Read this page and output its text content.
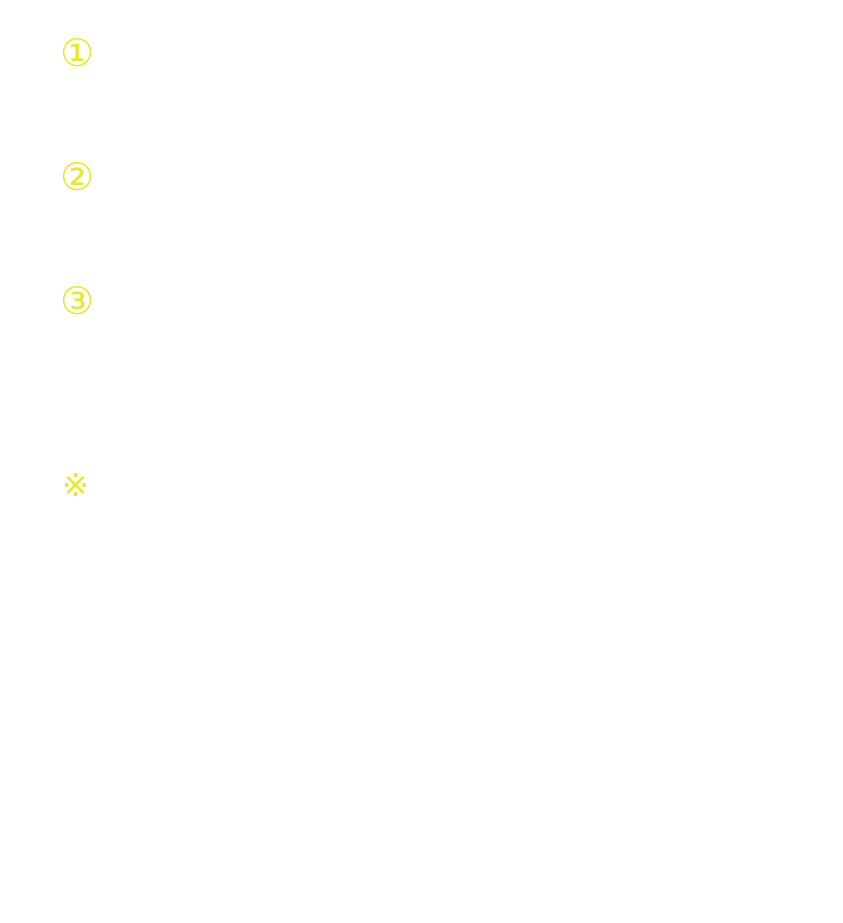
①
②
③
※
